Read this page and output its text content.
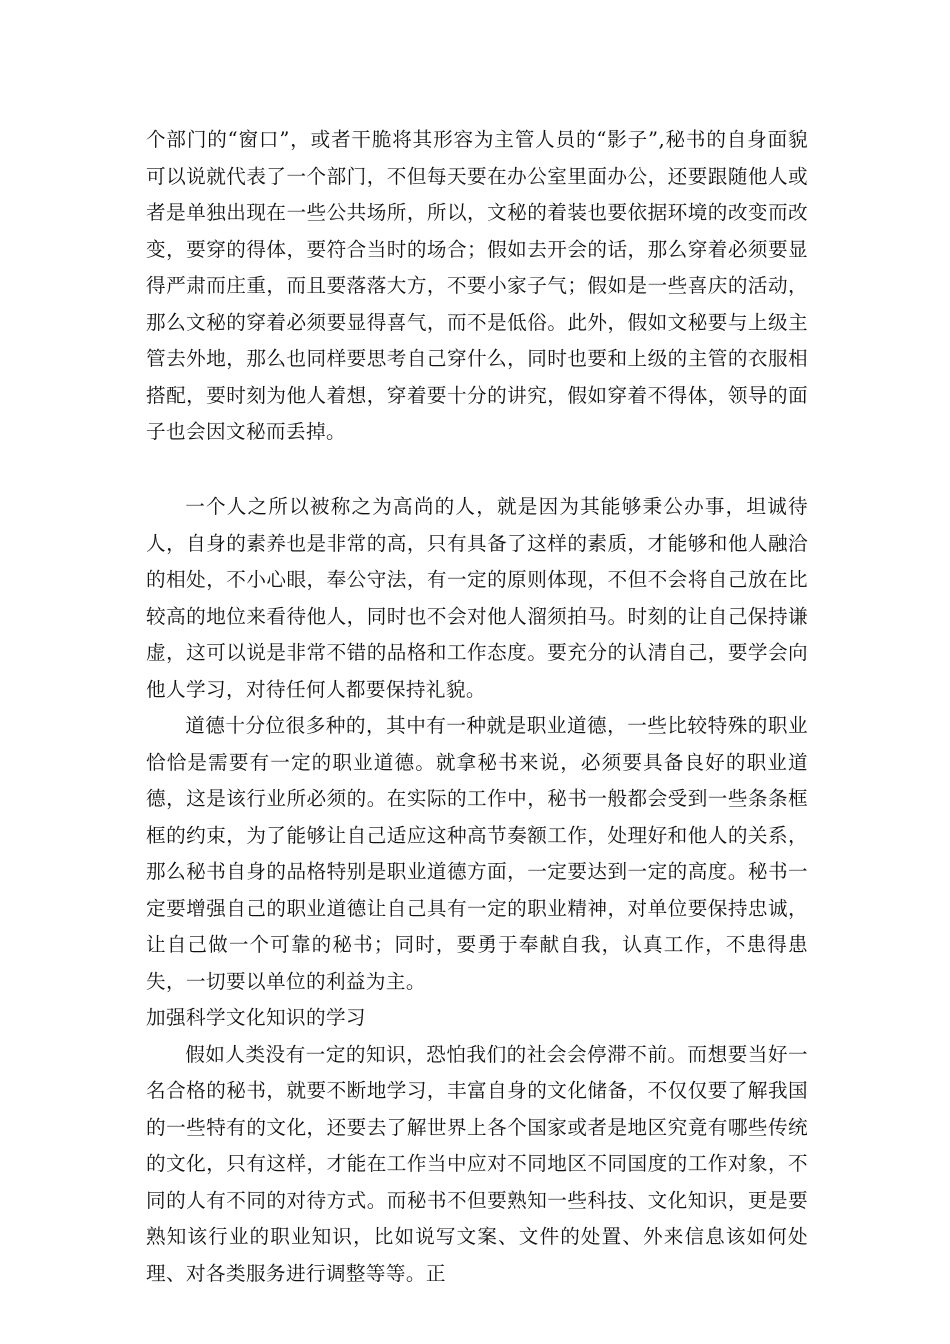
个部门的“窗口”，或者干脆将其形容为主管人员的“影子”,秘书的自身面貌可以说就代表了一个部门，不但每天要在办公室里面办公，还要跟随他人或者是单独出现在一些公共场所，所以，文秘的着装也要依据环境的改变而改变，要穿的得体，要符合当时的场合；假如去开会的话，那么穿着必须要显得严肃而庄重，而且要落落大方，不要小家子气；假如是一些喜庆的活动，那么文秘的穿着必须要显得喜气，而不是低俗。此外，假如文秘要与上级主管去外地，那么也同样要思考自己穿什么，同时也要和上级的主管的衣服相搭配，要时刻为他人着想，穿着要十分的讲究，假如穿着不得体，领导的面子也会因文秘而丢掉。

一个人之所以被称之为高尚的人，就是因为其能够秉公办事，坦诚待人，自身的素养也是非常的高，只有具备了这样的素质，才能够和他人融洽的相处，不小心眼，奉公守法，有一定的原则体现，不但不会将自己放在比较高的地位来看待他人，同时也不会对他人溜须拍马。时刻的让自己保持谦虚，这可以说是非常不错的品格和工作态度。要充分的认清自己，要学会向他人学习，对待任何人都要保持礼貌。

道德十分位很多种的，其中有一种就是职业道德，一些比较特殊的职业恰恰是需要有一定的职业道德。就拿秘书来说，必须要具备良好的职业道德，这是该行业所必须的。在实际的工作中，秘书一般都会受到一些条条框框的约束，为了能够让自己适应这种高节奏额工作，处理好和他人的关系，那么秘书自身的品格特别是职业道德方面，一定要达到一定的高度。秘书一定要增强自己的职业道德让自己具有一定的职业精神，对单位要保持忠诚，让自己做一个可靠的秘书；同时，要勇于奉献自我，认真工作，不患得患失，一切要以单位的利益为主。

加强科学文化知识的学习

假如人类没有一定的知识，恐怕我们的社会会停滞不前。而想要当好一名合格的秘书，就要不断地学习，丰富自身的文化储备，不仅仅要了解我国的一些特有的文化，还要去了解世界上各个国家或者是地区究竟有哪些传统的文化，只有这样，才能在工作当中应对不同地区不同国度的工作对象，不同的人有不同的对待方式。而秘书不但要熟知一些科技、文化知识，更是要熟知该行业的职业知识，比如说写文案、文件的处置、外来信息该如何处理、对各类服务进行调整等等。正
